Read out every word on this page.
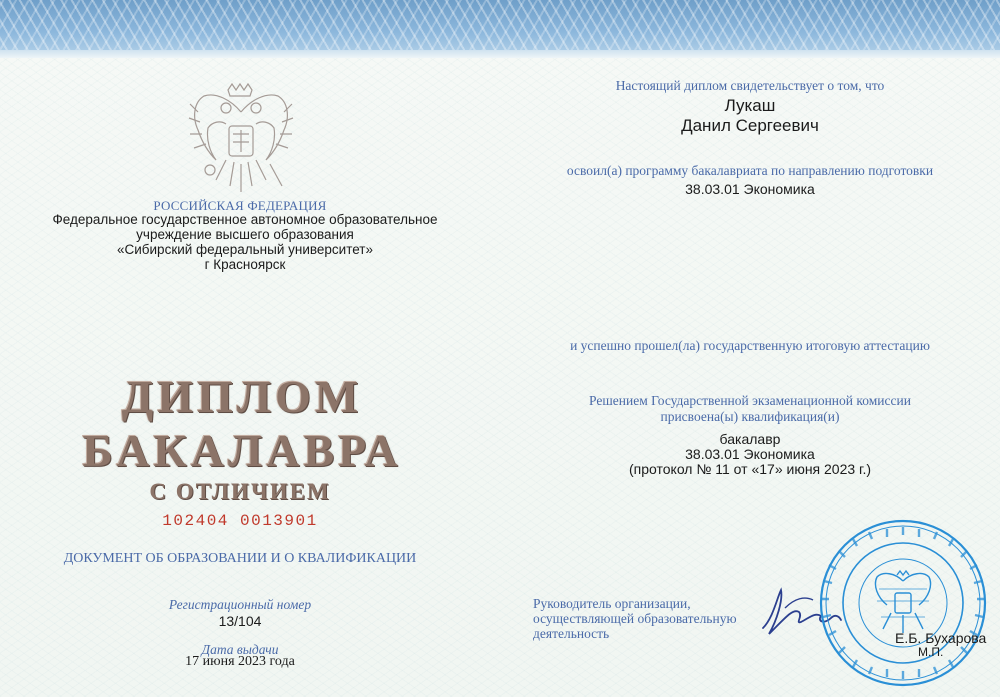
РОССИЙСКАЯ ФЕДЕРАЦИЯ
Федеральное государственное автономное образовательное
учреждение высшего образования
«Сибирский федеральный университет»
г Красноярск
ДИПЛОМ
БАКАЛАВРА
С ОТЛИЧИЕМ
102404 0013901
ДОКУМЕНТ ОБ ОБРАЗОВАНИИ И О КВАЛИФИКАЦИИ
Регистрационный номер
13/104
Дата выдачи
17 июня 2023 года
Настоящий диплом свидетельствует о том, что
Лукаш
Данил Сергеевич
освоил(а) программу бакалавриата по направлению подготовки
38.03.01 Экономика
и успешно прошел(ла) государственную итоговую аттестацию
Решением Государственной экзаменационной комиссии
присвоена(ы) квалификация(и)
бакалавр
38.03.01 Экономика
(протокол № 11 от «17» июня 2023 г.)
Руководитель организации,
осуществляющей образовательную
деятельность	Е.Б. Бухарова
М.П.
